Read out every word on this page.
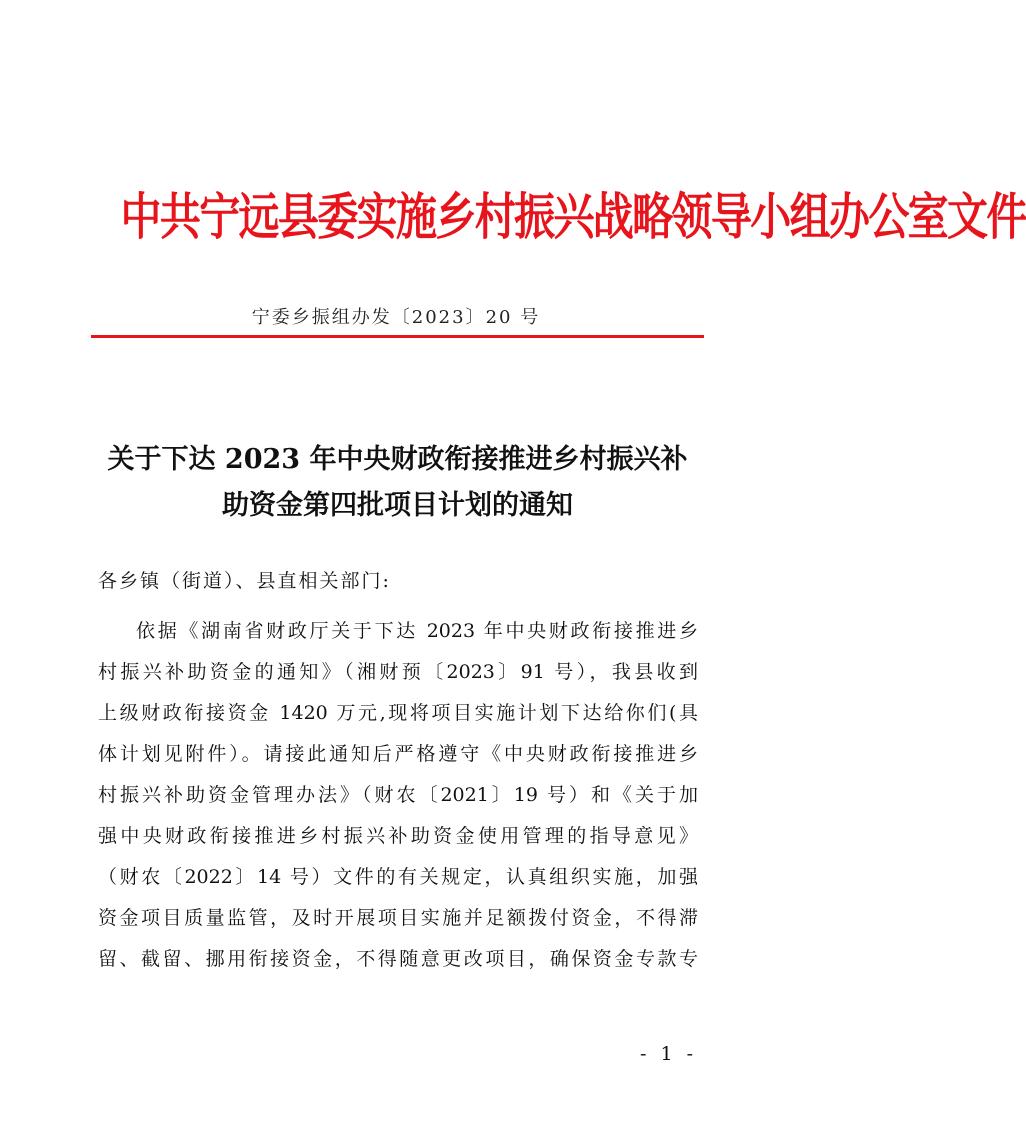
中共宁远县委实施乡村振兴战略领导小组办公室文件
宁委乡振组办发〔2023〕20 号
关于下达 2023 年中央财政衔接推进乡村振兴补
助资金第四批项目计划的通知
各乡镇（街道）、县直相关部门:
依据《湖南省财政厅关于下达 2023 年中央财政衔接推进乡
村振兴补助资金的通知》（湘财预〔2023〕91 号），我县收到
上级财政衔接资金 1420 万元,现将项目实施计划下达给你们(具
体计划见附件）。请接此通知后严格遵守《中央财政衔接推进乡
村振兴补助资金管理办法》（财农〔2021〕19 号）和《关于加
强中央财政衔接推进乡村振兴补助资金使用管理的指导意见》
（财农〔2022〕14 号）文件的有关规定，认真组织实施，加强
资金项目质量监管，及时开展项目实施并足额拨付资金，不得滞
留、截留、挪用衔接资金，不得随意更改项目，确保资金专款专
- 1 -
